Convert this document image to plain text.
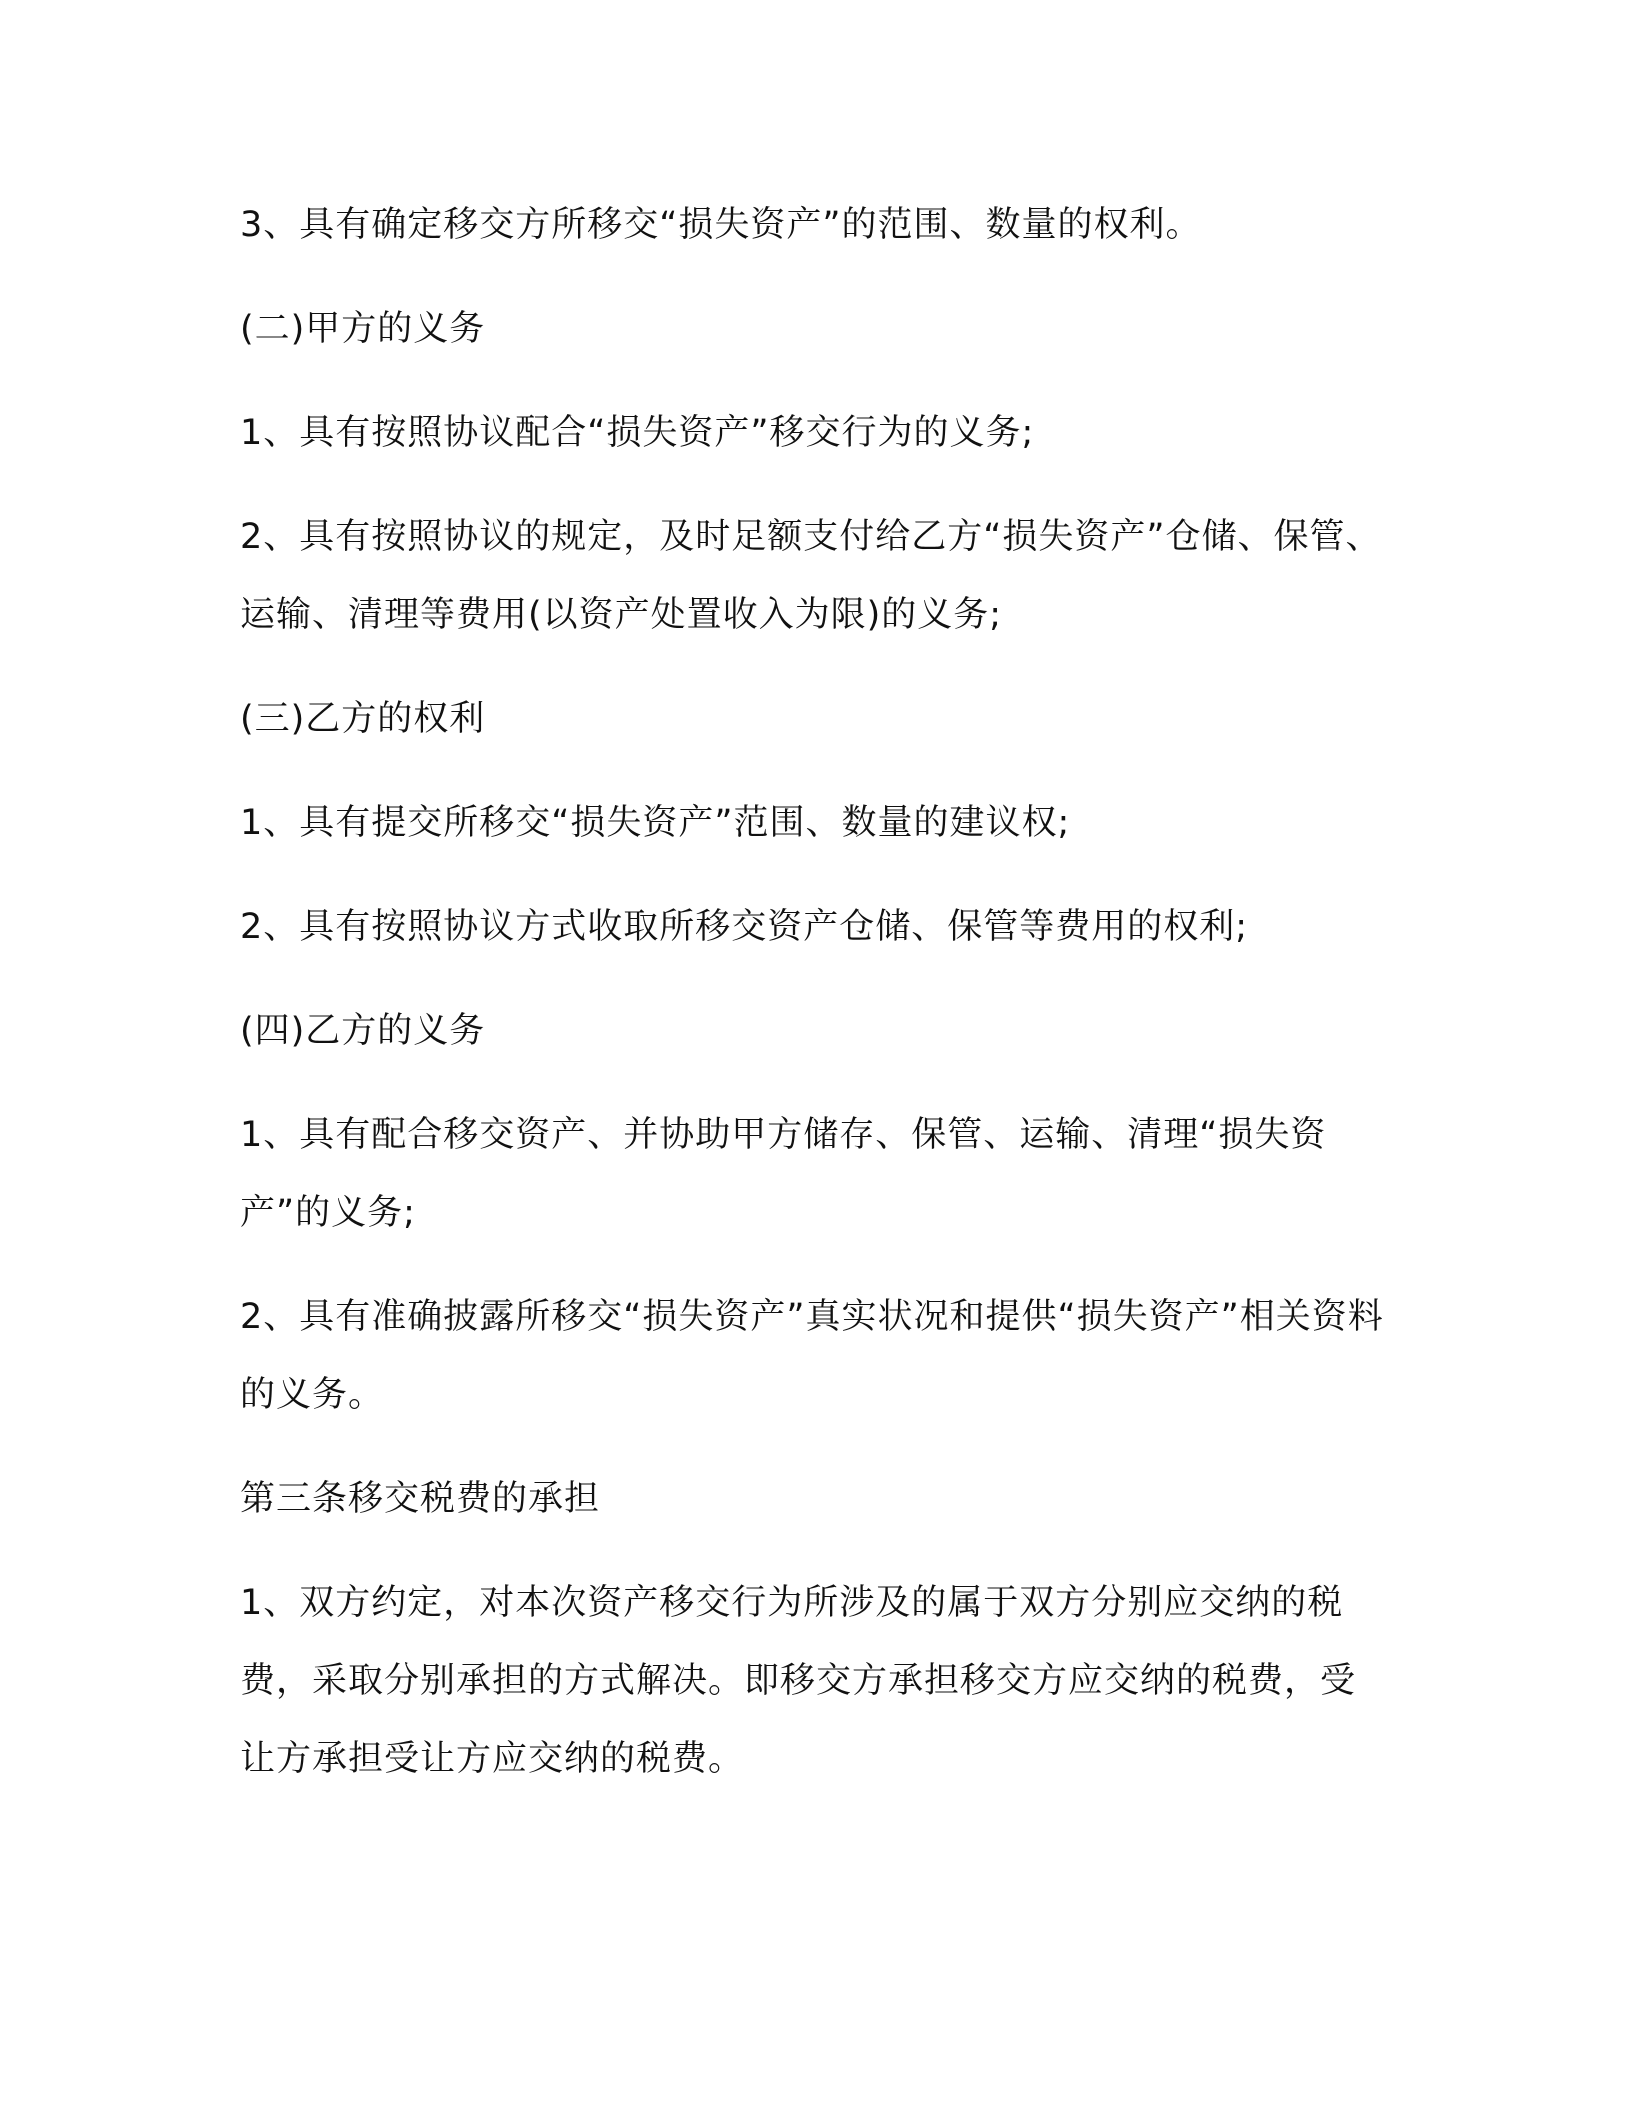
3、具有确定移交方所移交“损失资产”的范围、数量的权利。

(二)甲方的义务

1、具有按照协议配合“损失资产”移交行为的义务;

2、具有按照协议的规定，及时足额支付给乙方“损失资产”仓储、保管、运输、清理等费用(以资产处置收入为限)的义务;

(三)乙方的权利

1、具有提交所移交“损失资产”范围、数量的建议权;

2、具有按照协议方式收取所移交资产仓储、保管等费用的权利;

(四)乙方的义务

1、具有配合移交资产、并协助甲方储存、保管、运输、清理“损失资产”的义务;

2、具有准确披露所移交“损失资产”真实状况和提供“损失资产”相关资料的义务。

第三条移交税费的承担

1、双方约定，对本次资产移交行为所涉及的属于双方分别应交纳的税费，采取分别承担的方式解决。即移交方承担移交方应交纳的税费，受让方承担受让方应交纳的税费。
